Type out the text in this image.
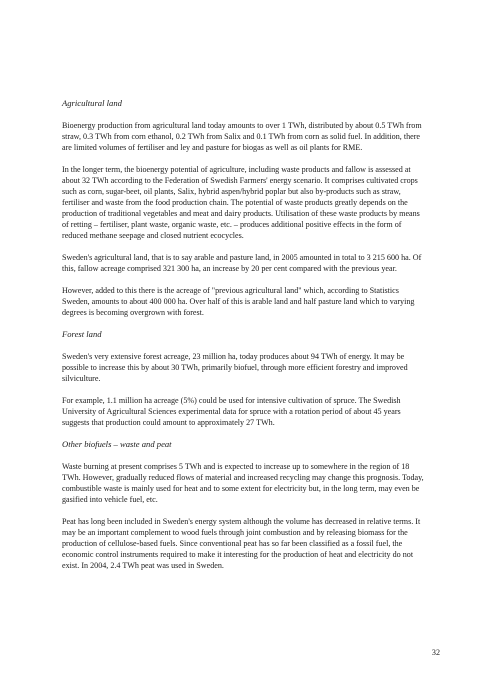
Agricultural land

Bioenergy production from agricultural land today amounts to over 1 TWh, distributed by about 0.5 TWh from straw, 0.3 TWh from corn ethanol, 0.2 TWh from Salix and 0.1 TWh from corn as solid fuel. In addition, there are limited volumes of fertiliser and ley and pasture for biogas as well as oil plants for RME.

In the longer term, the bioenergy potential of agriculture, including waste products and fallow is assessed at about 32 TWh according to the Federation of Swedish Farmers' energy scenario. It comprises cultivated crops such as corn, sugar-beet, oil plants, Salix, hybrid aspen/hybrid poplar but also by-products such as straw, fertiliser and waste from the food production chain. The potential of waste products greatly depends on the production of traditional vegetables and meat and dairy products. Utilisation of these waste products by means of retting – fertiliser, plant waste, organic waste, etc. – produces additional positive effects in the form of reduced methane seepage and closed nutrient ecocycles.

Sweden's agricultural land, that is to say arable and pasture land, in 2005 amounted in total to 3 215 600 ha. Of this, fallow acreage comprised 321 300 ha, an increase by 20 per cent compared with the previous year.

However, added to this there is the acreage of "previous agricultural land" which, according to Statistics Sweden, amounts to about 400 000 ha. Over half of this is arable land and half pasture land which to varying degrees is becoming overgrown with forest.

Forest land

Sweden's very extensive forest acreage, 23 million ha, today produces about 94 TWh of energy. It may be possible to increase this by about 30 TWh, primarily biofuel, through more efficient forestry and improved silviculture.

For example, 1.1 million ha acreage (5%) could be used for intensive cultivation of spruce. The Swedish University of Agricultural Sciences experimental data for spruce with a rotation period of about 45 years suggests that production could amount to approximately 27 TWh.

Other biofuels – waste and peat

Waste burning at present comprises 5 TWh and is expected to increase up to somewhere in the region of 18 TWh. However, gradually reduced flows of material and increased recycling may change this prognosis. Today, combustible waste is mainly used for heat and to some extent for electricity but, in the long term, may even be gasified into vehicle fuel, etc.

Peat has long been included in Sweden's energy system although the volume has decreased in relative terms. It may be an important complement to wood fuels through joint combustion and by releasing biomass for the production of cellulose-based fuels. Since conventional peat has so far been classified as a fossil fuel, the economic control instruments required to make it interesting for the production of heat and electricity do not exist. In 2004, 2.4 TWh peat was used in Sweden.

32
